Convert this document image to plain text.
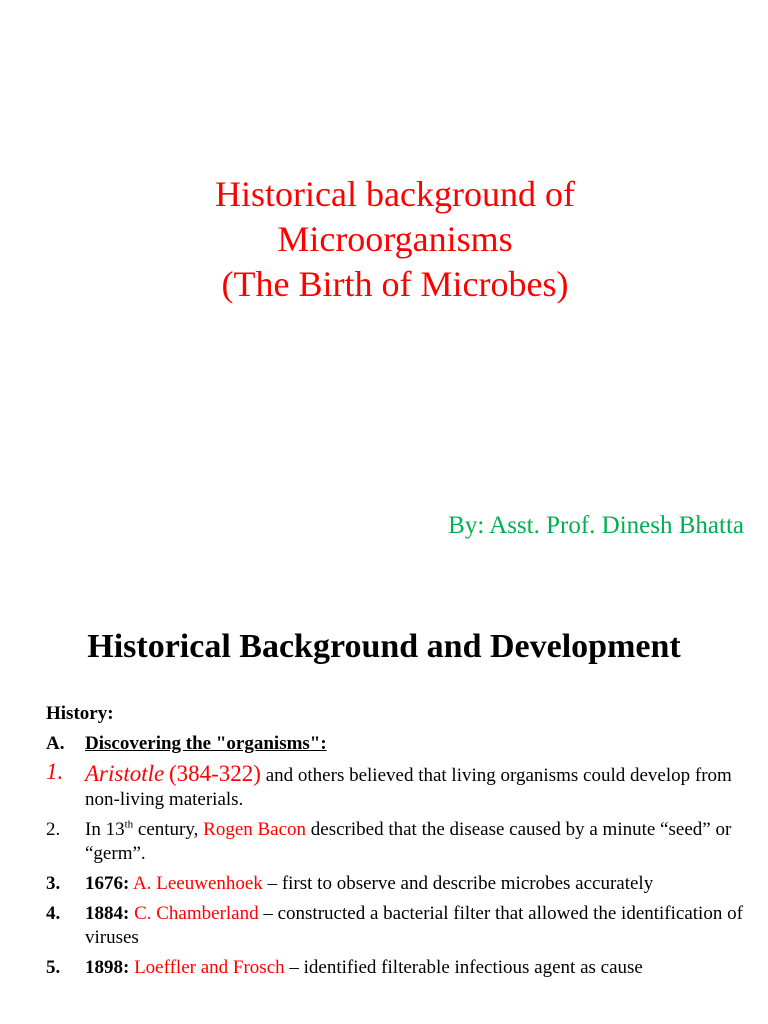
Historical background of
Microorganisms
(The Birth of Microbes)
By: Asst. Prof. Dinesh Bhatta
Historical Background and Development
History:
A. Discovering the "organisms":
1. Aristotle (384-322) and others believed that living organisms could develop from non-living materials.
2. In 13th century, Rogen Bacon described that the disease caused by a minute “seed” or “germ”.
3. 1676: A. Leeuwenhoek – first to observe and describe microbes accurately
4. 1884: C. Chamberland – constructed a bacterial filter that allowed the identification of viruses
5. 1898: Loeffler and Frosch – identified filterable infectious agent as cause
